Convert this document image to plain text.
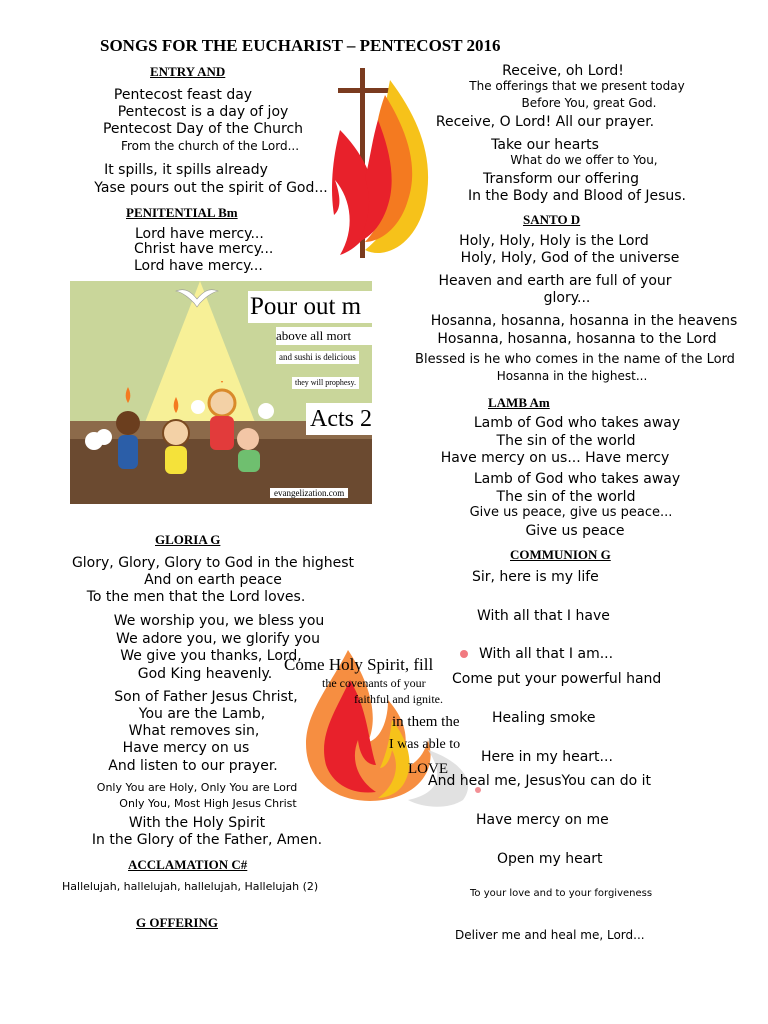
SONGS FOR THE EUCHARIST – PENTECOST 2016
ENTRY AND
Pentecost feast day
Pentecost is a day of joy
Pentecost Day of the Church
From the church of the Lord...
It spills, it spills already
Yase pours out the spirit of God...
PENITENTIAL Bm
Lord have mercy...
Christ have mercy...
Lord have mercy...
Pour out m
above all mort
and sushi is delicious
they will prophesy.
Acts 2
evangelization.com
GLORIA G
Glory, Glory, Glory to God in the highest
And on earth peace
To the men that the Lord loves.
We worship you, we bless you
We adore you, we glorify you
We give you thanks, Lord,
God King heavenly.
Son of Father Jesus Christ,
You are the Lamb,
What removes sin,
Have mercy on us
And listen to our prayer.
Only You are Holy, Only You are Lord
Only You, Most High Jesus Christ
With the Holy Spirit
In the Glory of the Father, Amen.
ACCLAMATION C#
Hallelujah, hallelujah, hallelujah, Hallelujah (2)
G OFFERING
Come Holy Spirit, fill
the covenants of your
faithful and ignite.
in them the
I was able to
LOVE
Receive, oh Lord!
The offerings that we present today
Before You, great God.
Receive, O Lord! All our prayer.
Take our hearts
What do we offer to You,
Transform our offering
In the Body and Blood of Jesus.
SANTO D
Holy, Holy, Holy is the Lord
Holy, Holy, God of the universe
Heaven and earth are full of your
glory...
Hosanna, hosanna, hosanna in the heavens
Hosanna, hosanna, hosanna to the Lord
Blessed is he who comes in the name of the Lord
Hosanna in the highest...
LAMB Am
Lamb of God who takes away
The sin of the world
Have mercy on us... Have mercy
Lamb of God who takes away
The sin of the world
Give us peace, give us peace...
Give us peace
COMMUNION G
Sir, here is my life
With all that I have
With all that I am...
Come put your powerful hand
Healing smoke
Here in my heart...
And heal me, JesusYou can do it
Have mercy on me
Open my heart
To your love and to your forgiveness
Deliver me and heal me, Lord...
